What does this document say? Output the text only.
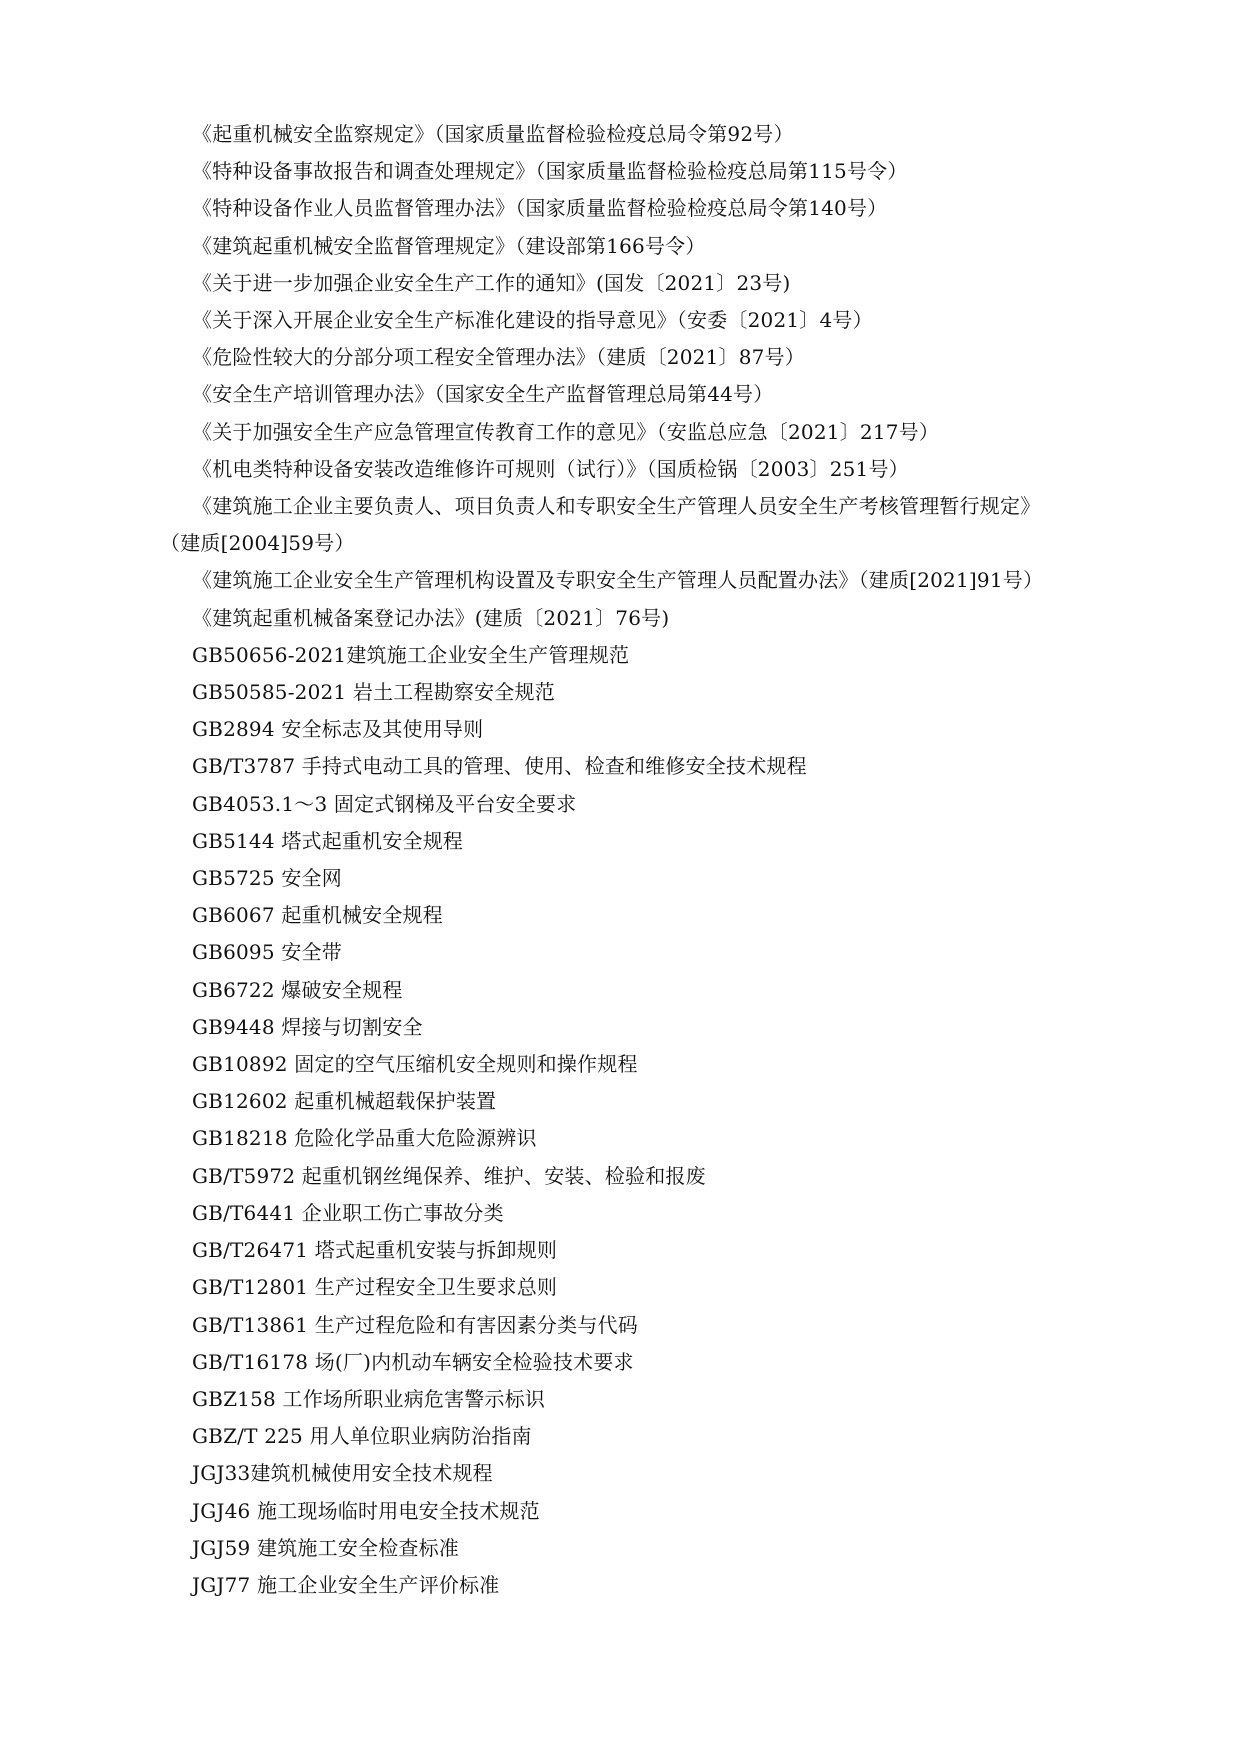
《起重机械安全监察规定》（国家质量监督检验检疫总局令第92号）
《特种设备事故报告和调查处理规定》（国家质量监督检验检疫总局第115号令）
《特种设备作业人员监督管理办法》（国家质量监督检验检疫总局令第140号）
《建筑起重机械安全监督管理规定》（建设部第166号令）
《关于进一步加强企业安全生产工作的通知》(国发〔2021〕23号)
《关于深入开展企业安全生产标准化建设的指导意见》（安委〔2021〕4号）
《危险性较大的分部分项工程安全管理办法》（建质〔2021〕87号）
《安全生产培训管理办法》（国家安全生产监督管理总局第44号）
《关于加强安全生产应急管理宣传教育工作的意见》（安监总应急〔2021〕217号）
《机电类特种设备安装改造维修许可规则（试行）》（国质检锅〔2003〕251号）
《建筑施工企业主要负责人、项目负责人和专职安全生产管理人员安全生产考核管理暂行规定》
（建质[2004]59号）
《建筑施工企业安全生产管理机构设置及专职安全生产管理人员配置办法》（建质[2021]91号）
《建筑起重机械备案登记办法》(建质〔2021〕76号)
GB50656-2021建筑施工企业安全生产管理规范
GB50585-2021 岩土工程勘察安全规范
GB2894 安全标志及其使用导则
GB/T3787 手持式电动工具的管理、使用、检查和维修安全技术规程
GB4053.1～3 固定式钢梯及平台安全要求
GB5144 塔式起重机安全规程
GB5725 安全网
GB6067 起重机械安全规程
GB6095 安全带
GB6722 爆破安全规程
GB9448 焊接与切割安全
GB10892 固定的空气压缩机安全规则和操作规程
GB12602 起重机械超载保护装置
GB18218 危险化学品重大危险源辨识
GB/T5972 起重机钢丝绳保养、维护、安装、检验和报废
GB/T6441 企业职工伤亡事故分类
GB/T26471 塔式起重机安装与拆卸规则
GB/T12801 生产过程安全卫生要求总则
GB/T13861 生产过程危险和有害因素分类与代码
GB/T16178 场(厂)内机动车辆安全检验技术要求
GBZ158 工作场所职业病危害警示标识
GBZ/T 225 用人单位职业病防治指南
JGJ33建筑机械使用安全技术规程
JGJ46 施工现场临时用电安全技术规范
JGJ59 建筑施工安全检查标准
JGJ77 施工企业安全生产评价标准
